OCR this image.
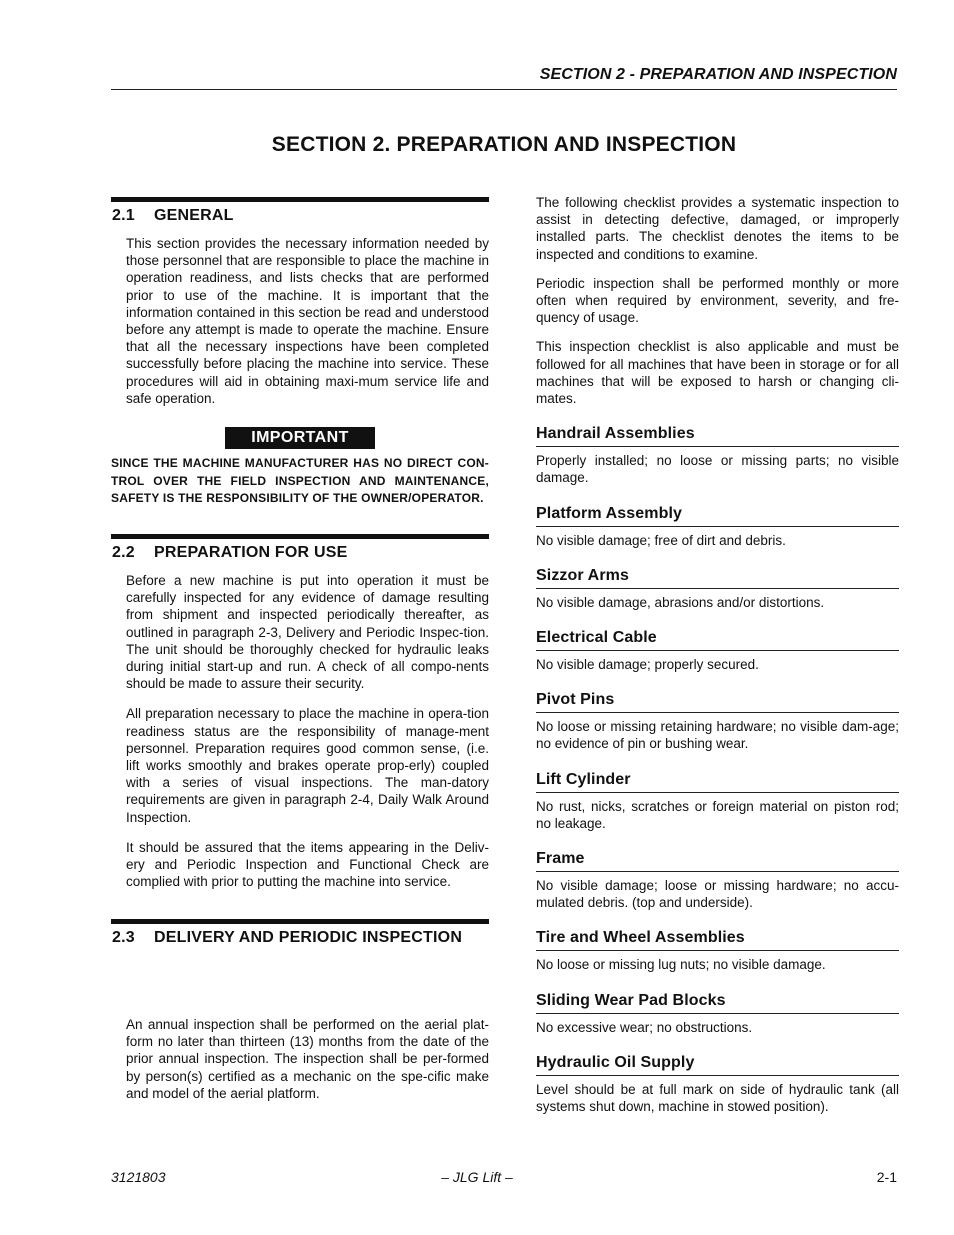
SECTION 2 - PREPARATION AND INSPECTION
SECTION 2. PREPARATION AND INSPECTION
2.1 GENERAL

This section provides the necessary information needed by those personnel that are responsible to place the machine in operation readiness, and lists checks that are performed prior to use of the machine. It is important that the information contained in this section be read and understood before any attempt is made to operate the machine. Ensure that all the necessary inspections have been completed successfully before placing the machine into service. These procedures will aid in obtaining maxi-mum service life and safe operation.

IMPORTANT
SINCE THE MACHINE MANUFACTURER HAS NO DIRECT CON-TROL OVER THE FIELD INSPECTION AND MAINTENANCE, SAFETY IS THE RESPONSIBILITY OF THE OWNER/OPERATOR.
2.2 PREPARATION FOR USE

Before a new machine is put into operation it must be carefully inspected for any evidence of damage resulting from shipment and inspected periodically thereafter, as outlined in paragraph 2-3, Delivery and Periodic Inspec-tion. The unit should be thoroughly checked for hydraulic leaks during initial start-up and run. A check of all compo-nents should be made to assure their security.

All preparation necessary to place the machine in opera-tion readiness status are the responsibility of manage-ment personnel. Preparation requires good common sense, (i.e. lift works smoothly and brakes operate prop-erly) coupled with a series of visual inspections. The man-datory requirements are given in paragraph 2-4, Daily Walk Around Inspection.

It should be assured that the items appearing in the Deliv-ery and Periodic Inspection and Functional Check are complied with prior to putting the machine into service.

2.3 DELIVERY AND PERIODIC INSPECTION

An annual inspection shall be performed on the aerial plat-form no later than thirteen (13) months from the date of the prior annual inspection. The inspection shall be per-formed by person(s) certified as a mechanic on the spe-cific make and model of the aerial platform.

The following checklist provides a systematic inspection to assist in detecting defective, damaged, or improperly installed parts. The checklist denotes the items to be inspected and conditions to examine.

Periodic inspection shall be performed monthly or more often when required by environment, severity, and fre-quency of usage.

This inspection checklist is also applicable and must be followed for all machines that have been in storage or for all machines that will be exposed to harsh or changing cli-mates.

Handrail Assemblies

Properly installed; no loose or missing parts; no visible damage.

Platform Assembly

No visible damage; free of dirt and debris.

Sizzor Arms

No visible damage, abrasions and/or distortions.

Electrical Cable

No visible damage; properly secured.

Pivot Pins

No loose or missing retaining hardware; no visible dam-age; no evidence of pin or bushing wear.

Lift Cylinder

No rust, nicks, scratches or foreign material on piston rod; no leakage.

Frame

No visible damage; loose or missing hardware; no accu-mulated debris. (top and underside).

Tire and Wheel Assemblies

No loose or missing lug nuts; no visible damage.

Sliding Wear Pad Blocks

No excessive wear; no obstructions.

Hydraulic Oil Supply

Level should be at full mark on side of hydraulic tank (all systems shut down, machine in stowed position).

– JLG Lift –
3121803	2-1
